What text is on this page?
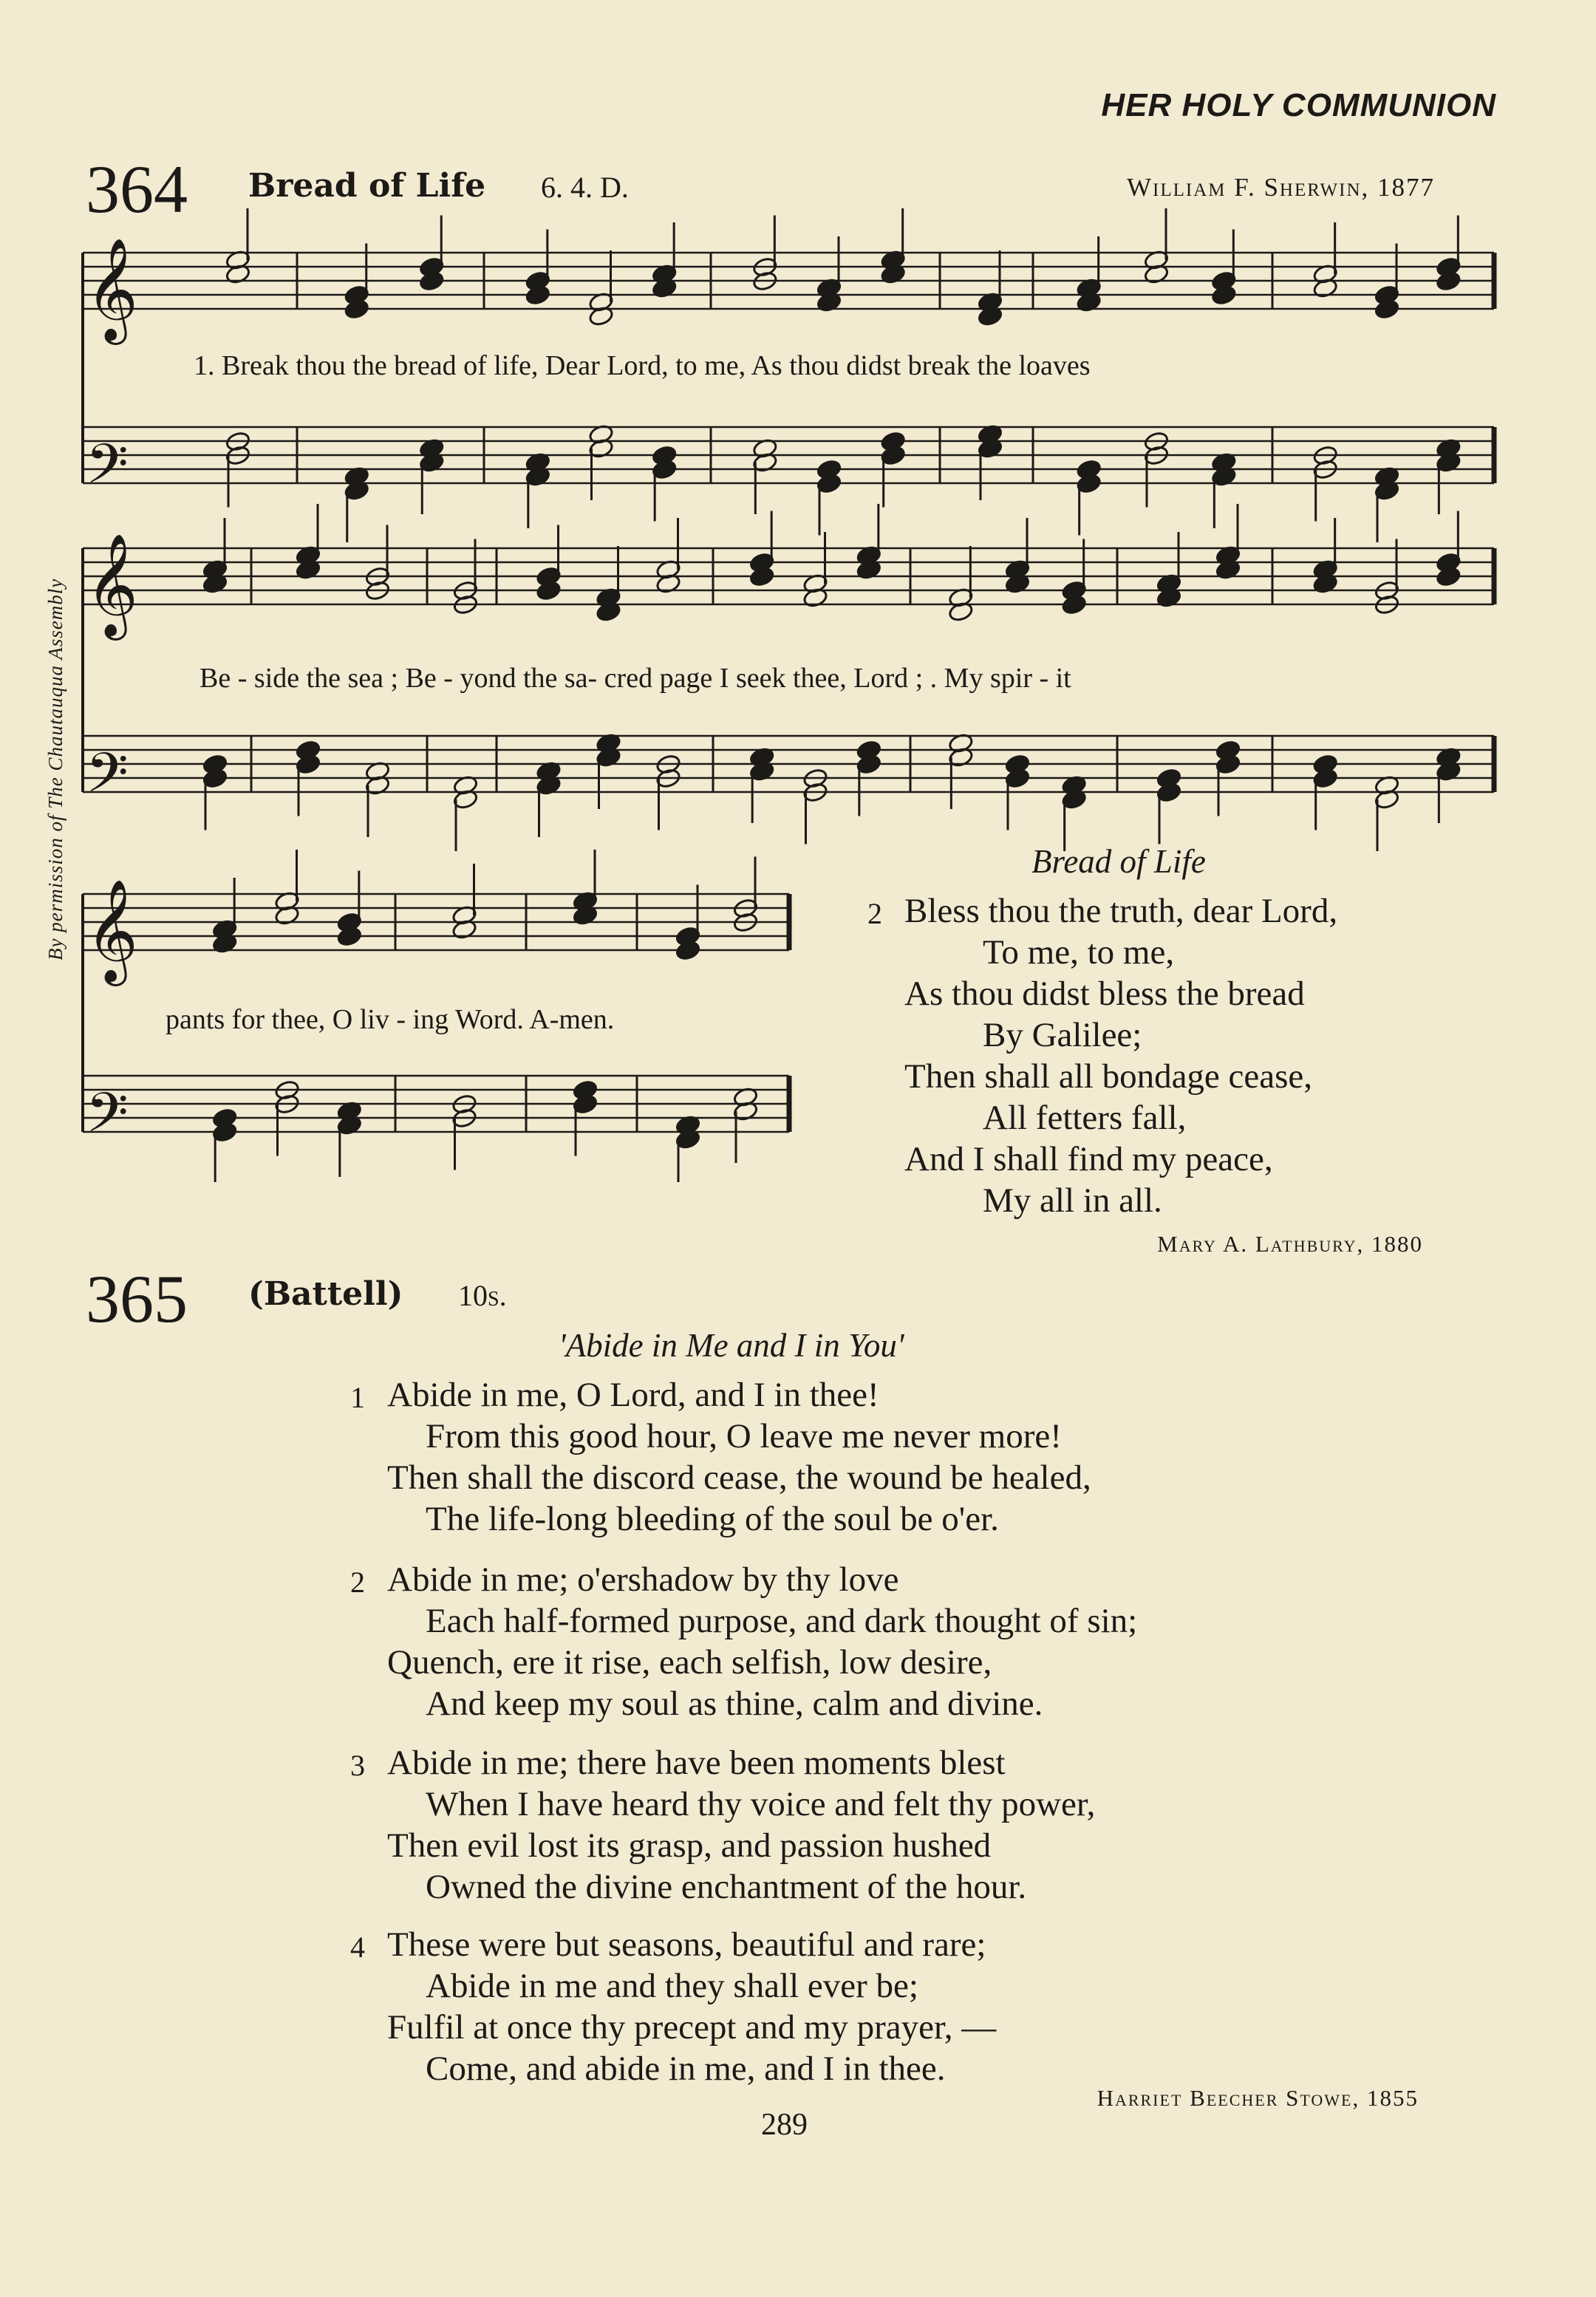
HER HOLY COMMUNION
By permission of The Chautauqua Assembly
364 Bread of Life 6. 4. D.	William F. Sherwin, 1877
𝄞
𝄢
𝄞
𝄢
𝄞
𝄢
1. Break thou the bread of life, Dear Lord, to me, As thou didst break the loaves
Be - side the sea ; Be - yond the sa- cred page I seek thee, Lord ; . My spir - it
pants for thee, O liv - ing Word. A-men.
Bread of Life
2 Bless thou the truth, dear Lord,
To me, to me,
As thou didst bless the bread
By Galilee;
Then shall all bondage cease,
All fetters fall,
And I shall find my peace,
My all in all.
Mary A. Lathbury, 1880
365 (Battell) 10s.
'Abide in Me and I in You'
1 Abide in me, O Lord, and I in thee!
From this good hour, O leave me never more!
Then shall the discord cease, the wound be healed,
The life-long bleeding of the soul be o'er.
2 Abide in me; o'ershadow by thy love
Each half-formed purpose, and dark thought of sin;
Quench, ere it rise, each selfish, low desire,
And keep my soul as thine, calm and divine.
3 Abide in me; there have been moments blest
When I have heard thy voice and felt thy power,
Then evil lost its grasp, and passion hushed
Owned the divine enchantment of the hour.
4 These were but seasons, beautiful and rare;
Abide in me and they shall ever be;
Fulfil at once thy precept and my prayer, —
Come, and abide in me, and I in thee.
Harriet Beecher Stowe, 1855
289
